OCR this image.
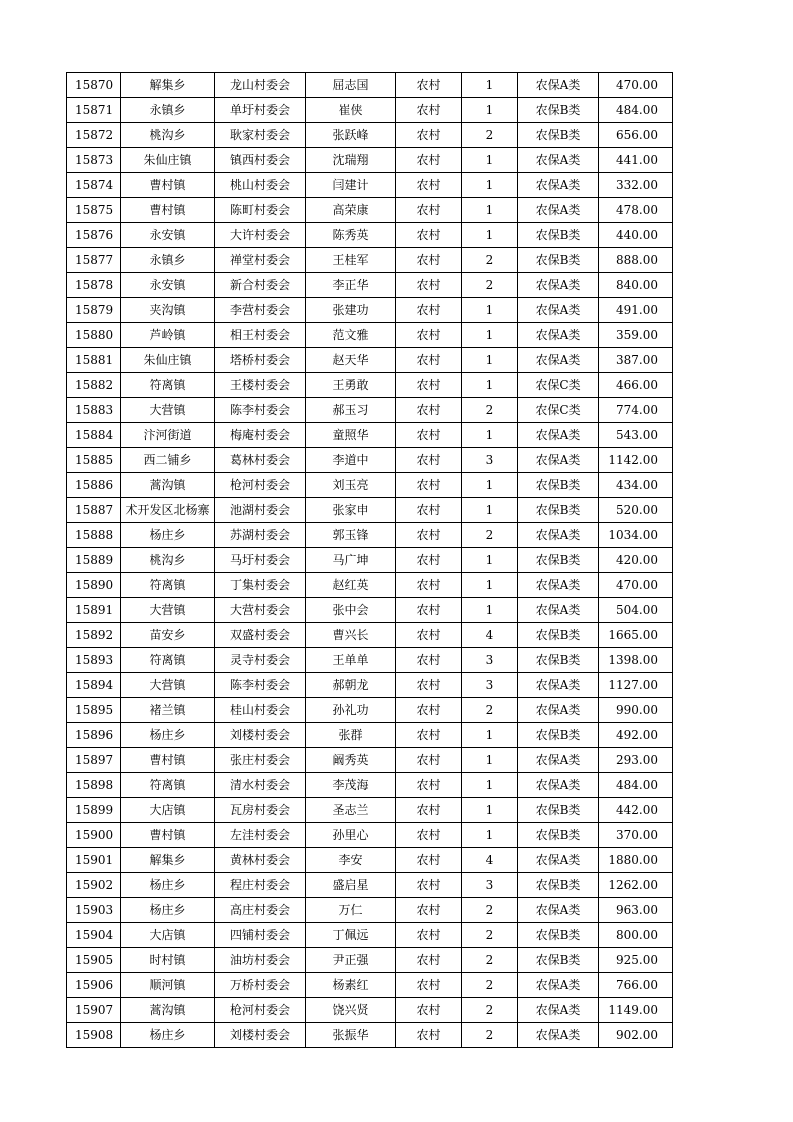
15870	解集乡	龙山村委会	屈志国	农村	1	农保A类	470.00
15871	永镇乡	单圩村委会	崔侠	农村	1	农保B类	484.00
15872	桃沟乡	耿家村委会	张跃峰	农村	2	农保B类	656.00
15873	朱仙庄镇	镇西村委会	沈瑞翔	农村	1	农保A类	441.00
15874	曹村镇	桃山村委会	闫建计	农村	1	农保A类	332.00
15875	曹村镇	陈町村委会	高荣康	农村	1	农保A类	478.00
15876	永安镇	大许村委会	陈秀英	农村	1	农保B类	440.00
15877	永镇乡	禅堂村委会	王桂军	农村	2	农保B类	888.00
15878	永安镇	新合村委会	李正华	农村	2	农保A类	840.00
15879	夹沟镇	李营村委会	张建功	农村	1	农保A类	491.00
15880	芦岭镇	相王村委会	范文雅	农村	1	农保A类	359.00
15881	朱仙庄镇	塔桥村委会	赵天华	农村	1	农保A类	387.00
15882	符离镇	王楼村委会	王勇敢	农村	1	农保C类	466.00
15883	大营镇	陈李村委会	郝玉习	农村	2	农保C类	774.00
15884	汴河街道	梅庵村委会	童照华	农村	1	农保A类	543.00
15885	西二铺乡	葛林村委会	李道中	农村	3	农保A类	1142.00
15886	蒿沟镇	枪河村委会	刘玉亮	农村	1	农保B类	434.00
15887	术开发区北杨寨	池湖村委会	张家申	农村	1	农保B类	520.00
15888	杨庄乡	苏湖村委会	郭玉锋	农村	2	农保A类	1034.00
15889	桃沟乡	马圩村委会	马广坤	农村	1	农保B类	420.00
15890	符离镇	丁集村委会	赵红英	农村	1	农保A类	470.00
15891	大营镇	大营村委会	张中会	农村	1	农保A类	504.00
15892	苗安乡	双盛村委会	曹兴长	农村	4	农保B类	1665.00
15893	符离镇	灵寺村委会	王单单	农村	3	农保B类	1398.00
15894	大营镇	陈李村委会	郝朝龙	农村	3	农保A类	1127.00
15895	褚兰镇	桂山村委会	孙礼功	农村	2	农保A类	990.00
15896	杨庄乡	刘楼村委会	张群	农村	1	农保B类	492.00
15897	曹村镇	张庄村委会	阚秀英	农村	1	农保A类	293.00
15898	符离镇	清水村委会	李茂海	农村	1	农保A类	484.00
15899	大店镇	瓦房村委会	圣志兰	农村	1	农保B类	442.00
15900	曹村镇	左洼村委会	孙里心	农村	1	农保B类	370.00
15901	解集乡	黄林村委会	李安	农村	4	农保A类	1880.00
15902	杨庄乡	程庄村委会	盛启星	农村	3	农保B类	1262.00
15903	杨庄乡	高庄村委会	万仁	农村	2	农保A类	963.00
15904	大店镇	四铺村委会	丁佩远	农村	2	农保B类	800.00
15905	时村镇	油坊村委会	尹正强	农村	2	农保B类	925.00
15906	顺河镇	万桥村委会	杨素红	农村	2	农保A类	766.00
15907	蒿沟镇	枪河村委会	饶兴贤	农村	2	农保A类	1149.00
15908	杨庄乡	刘楼村委会	张振华	农村	2	农保A类	902.00
